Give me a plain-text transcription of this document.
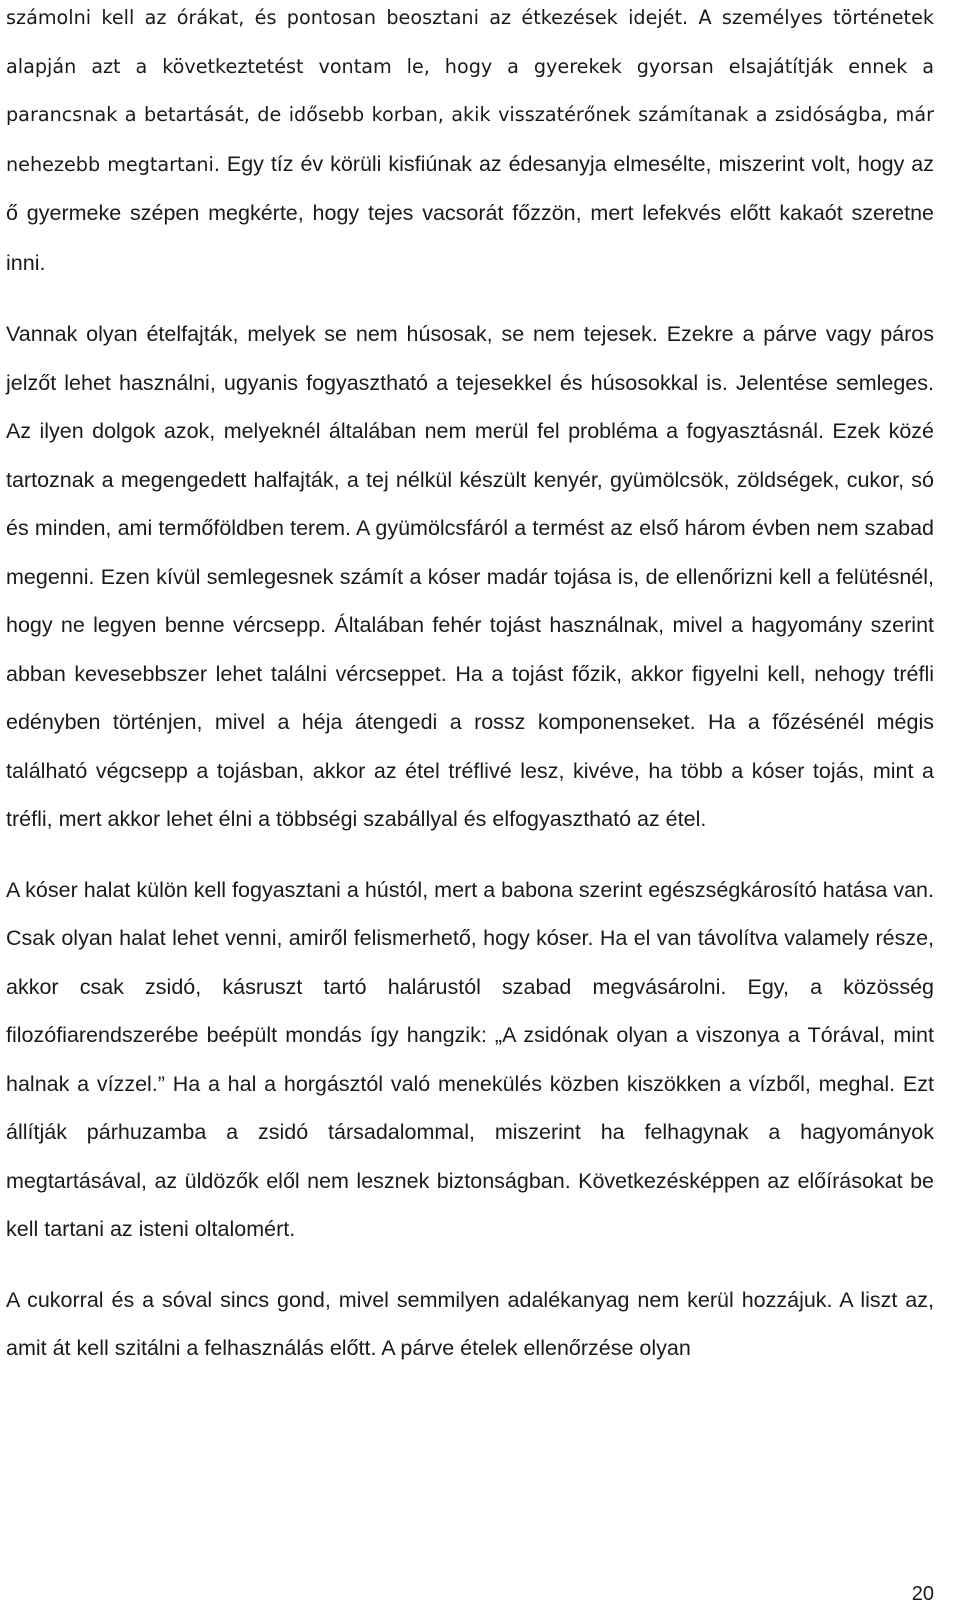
számolni kell az órákat, és pontosan beosztani az étkezések idejét. A személyes történetek alapján azt a következtetést vontam le, hogy a gyerekek gyorsan elsajátítják ennek a parancsnak a betartását, de idősebb korban, akik visszatérőnek számítanak a zsidóságba, már nehezebb megtartani. Egy tíz év körüli kisfiúnak az édesanyja elmesélte, miszerint volt, hogy az ő gyermeke szépen megkérte, hogy tejes vacsorát főzzön, mert lefekvés előtt kakaót szeretne inni.

Vannak olyan ételfajták, melyek se nem húsosak, se nem tejesek. Ezekre a párve vagy páros jelzőt lehet használni, ugyanis fogyasztható a tejesekkel és húsosokkal is. Jelentése semleges. Az ilyen dolgok azok, melyeknél általában nem merül fel probléma a fogyasztásnál. Ezek közé tartoznak a megengedett halfajták, a tej nélkül készült kenyér, gyümölcsök, zöldségek, cukor, só és minden, ami termőföldben terem. A gyümölcsfáról a termést az első három évben nem szabad megenni. Ezen kívül semlegesnek számít a kóser madár tojása is, de ellenőrizni kell a felütésnél, hogy ne legyen benne vércsepp. Általában fehér tojást használnak, mivel a hagyomány szerint abban kevesebbszer lehet találni vércseppet. Ha a tojást főzik, akkor figyelni kell, nehogy tréfli edényben történjen, mivel a héja átengedi a rossz komponenseket. Ha a főzésénél mégis található végcsepp a tojásban, akkor az étel tréflivé lesz, kivéve, ha több a kóser tojás, mint a tréfli, mert akkor lehet élni a többségi szabállyal és elfogyasztható az étel.

A kóser halat külön kell fogyasztani a hústól, mert a babona szerint egészségkárosító hatása van. Csak olyan halat lehet venni, amiről felismerhető, hogy kóser. Ha el van távolítva valamely része, akkor csak zsidó, kásruszt tartó halárustól szabad megvásárolni. Egy, a közösség filozófiarendszerébe beépült mondás így hangzik: „A zsidónak olyan a viszonya a Tórával, mint halnak a vízzel.” Ha a hal a horgásztól való menekülés közben kiszökken a vízből, meghal. Ezt állítják párhuzamba a zsidó társadalommal, miszerint ha felhagynak a hagyományok megtartásával, az üldözők elől nem lesznek biztonságban. Következésképpen az előírásokat be kell tartani az isteni oltalomért.

A cukorral és a sóval sincs gond, mivel semmilyen adalékanyag nem kerül hozzájuk. A liszt az, amit át kell szitálni a felhasználás előtt. A párve ételek ellenőrzése olyan

20
